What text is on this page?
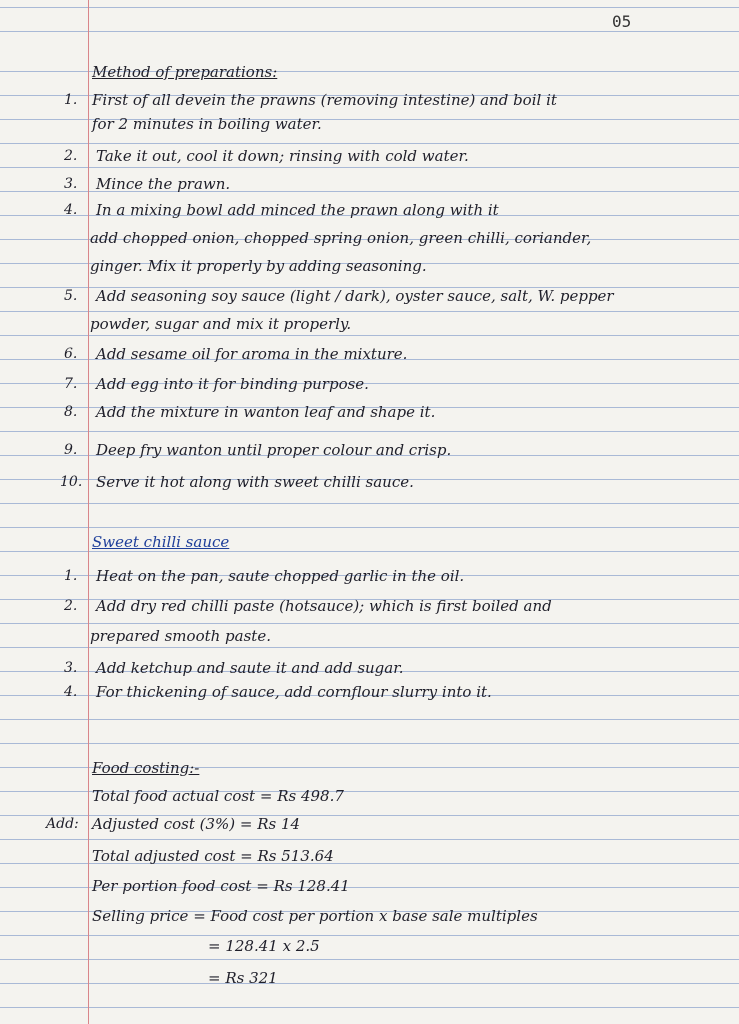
05
Method of preparations:
1. First of all devein the prawns (removing intestine) and boil it
for 2 minutes in boiling water.
2. Take it out, cool it down; rinsing with cold water.
3. Mince the prawn.
4. In a mixing bowl add minced the prawn along with it
add chopped onion, chopped spring onion, green chilli, coriander,
ginger. Mix it properly by adding seasoning.
5. Add seasoning soy sauce (light / dark), oyster sauce, salt, W. pepper
powder, sugar and mix it properly.
6. Add sesame oil for aroma in the mixture.
7. Add egg into it for binding purpose.
8. Add the mixture in wanton leaf and shape it.
9. Deep fry wanton until proper colour and crisp.
10. Serve it hot along with sweet chilli sauce.
Sweet chilli sauce
1. Heat on the pan, saute chopped garlic in the oil.
2. Add dry red chilli paste (hotsauce); which is first boiled and
prepared smooth paste.
3. Add ketchup and saute it and add sugar.
4. For thickening of sauce, add cornflour slurry into it.
Food costing:-
Total food actual cost = Rs 498.7
Add: Adjusted cost (3%) = Rs 14
Total adjusted cost = Rs 513.64
Per portion food cost = Rs 128.41
Selling price = Food cost per portion x base sale multiples
= 128.41 x 2.5
= Rs 321
